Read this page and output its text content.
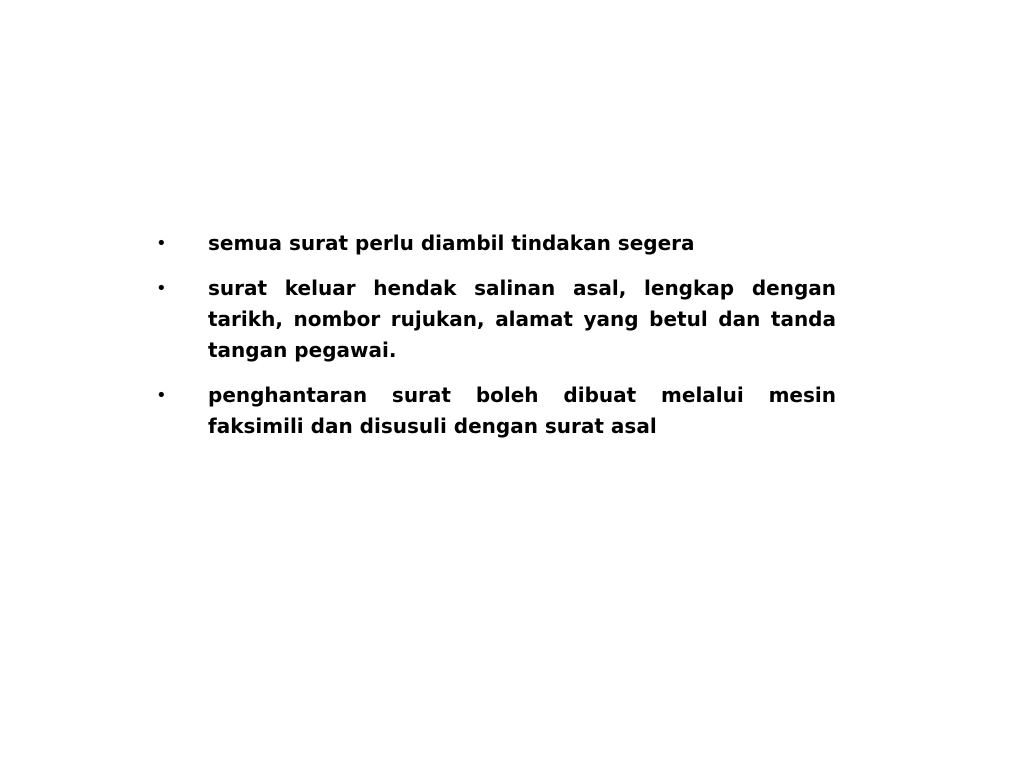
• semua surat perlu diambil tindakan segera
• surat keluar hendak salinan asal, lengkap dengan tarikh, nombor rujukan, alamat yang betul dan tanda tangan pegawai.
• penghantaran surat boleh dibuat melalui mesin faksimili dan disusuli dengan surat asal
